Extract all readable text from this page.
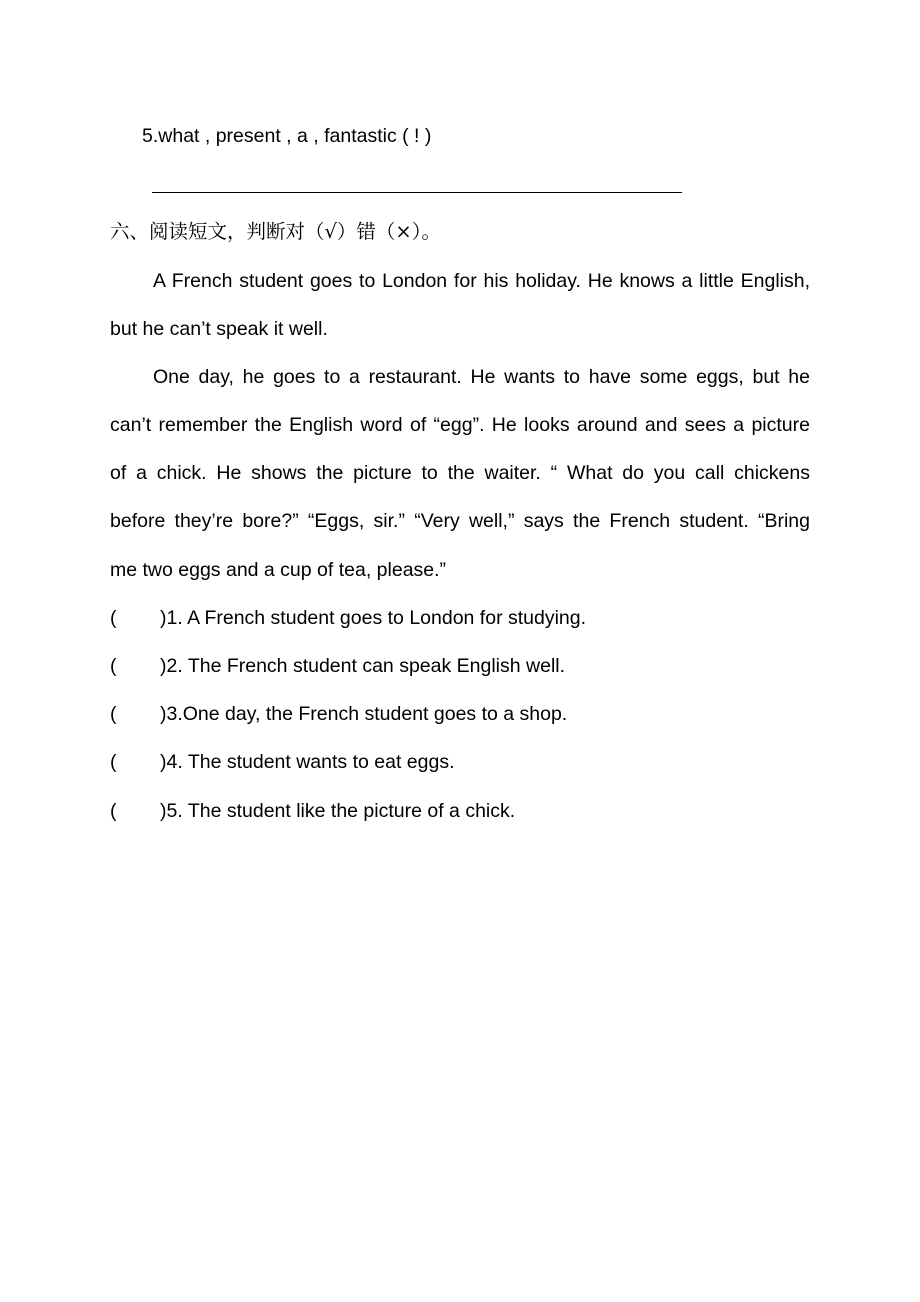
5.what , present , a , fantastic ( ! )
六、阅读短文，判断对（√）错（×）。
A French student goes to London for his holiday. He knows a little English,
but he can’t speak it well.
One day, he goes to a restaurant. He wants to have some eggs, but he
can’t remember the English word of “egg”. He looks around and sees a picture
of a chick. He shows the picture to the waiter. “ What do you call chickens
before they’re bore?” “Eggs, sir.” “Very well,” says the French student. “Bring
me two eggs and a cup of tea, please.”
( )1. A French student goes to London for studying.
( )2. The French student can speak English well.
( )3.One day, the French student goes to a shop.
( )4. The student wants to eat eggs.
( )5. The student like the picture of a chick.
